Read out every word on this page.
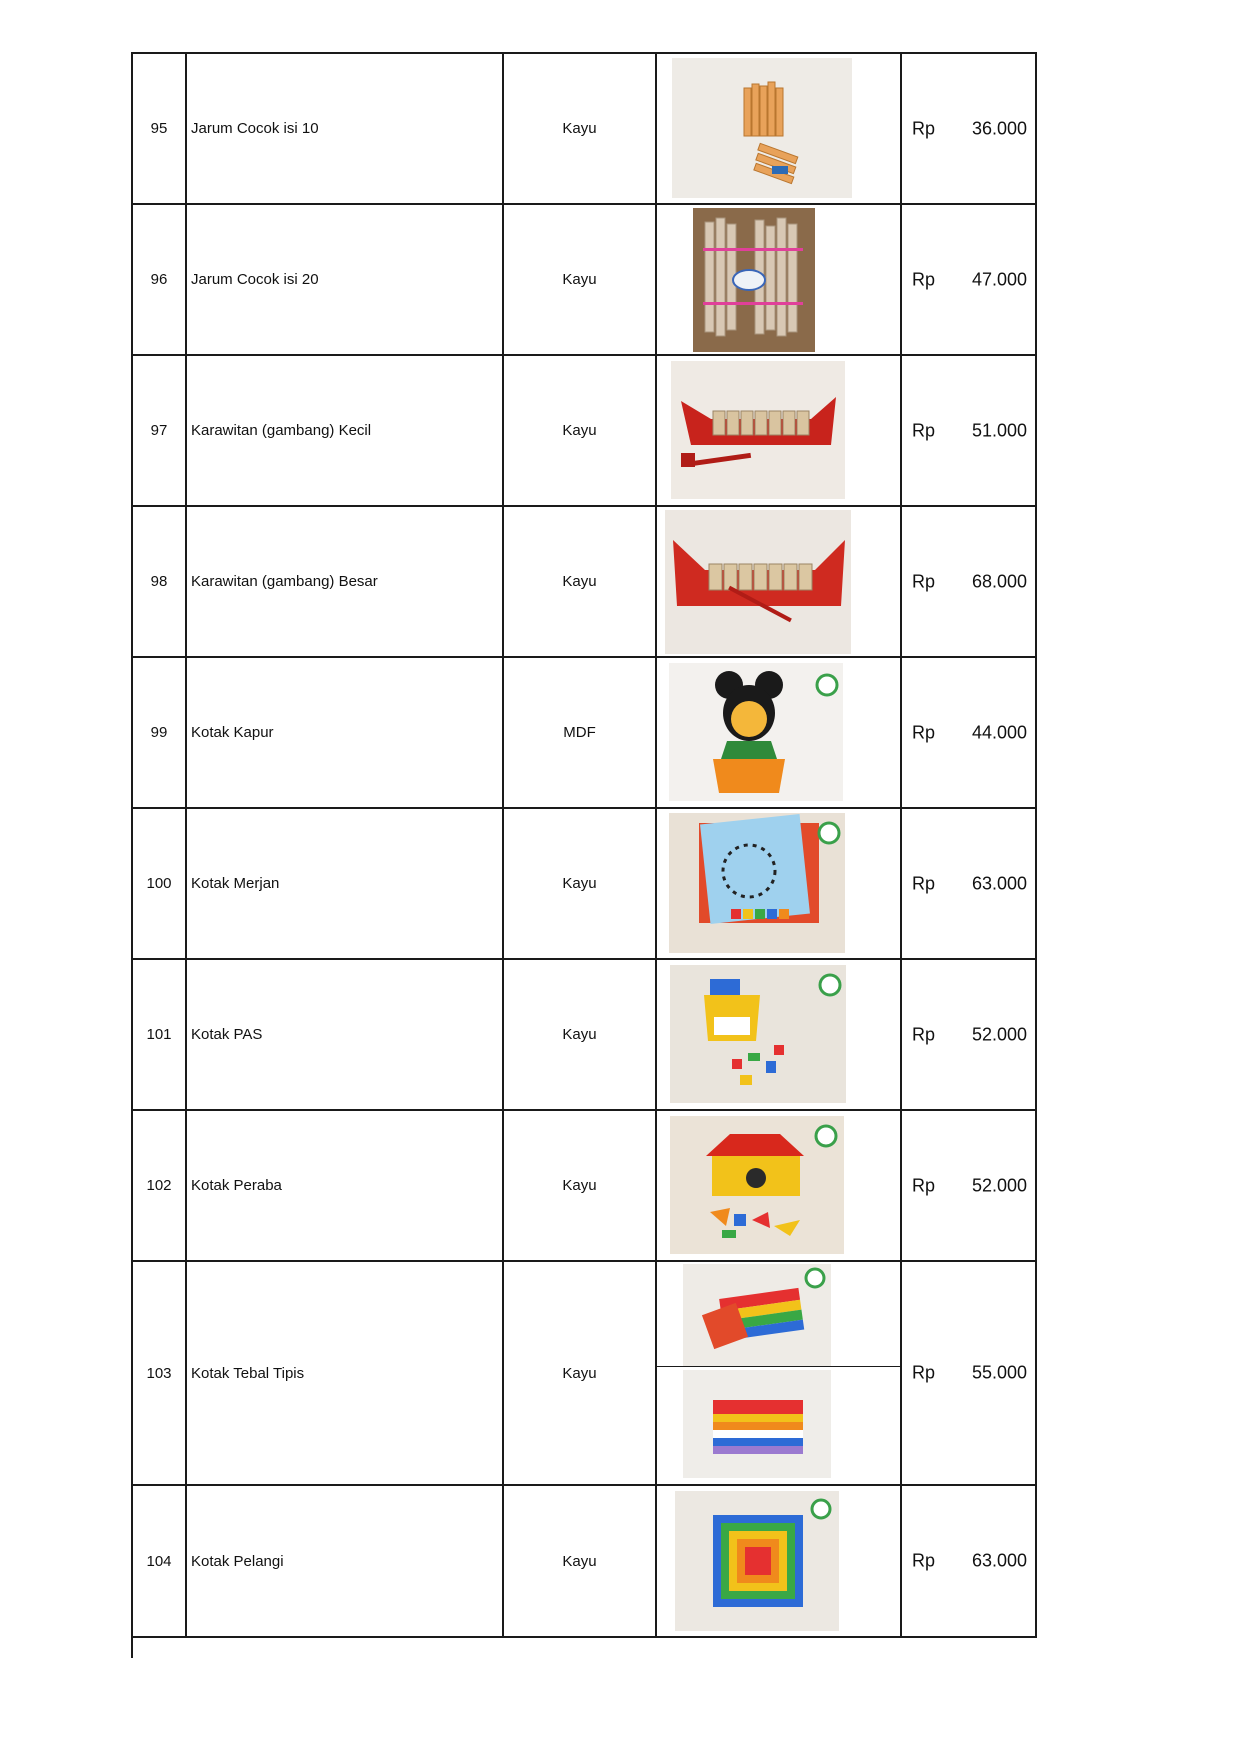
95	Jarum Cocok isi 10	Kayu	Rp 36.000
96	Jarum Cocok isi 20	Kayu	Rp 47.000
97	Karawitan (gambang) Kecil	Kayu	Rp 51.000
98	Karawitan (gambang) Besar	Kayu	Rp 68.000
99	Kotak Kapur	MDF	Rp 44.000
100	Kotak Merjan	Kayu	Rp 63.000
101	Kotak PAS	Kayu	Rp 52.000
102	Kotak Peraba	Kayu	Rp 52.000
103	Kotak Tebal Tipis	Kayu	Rp 55.000
104	Kotak Pelangi	Kayu	Rp 63.000
